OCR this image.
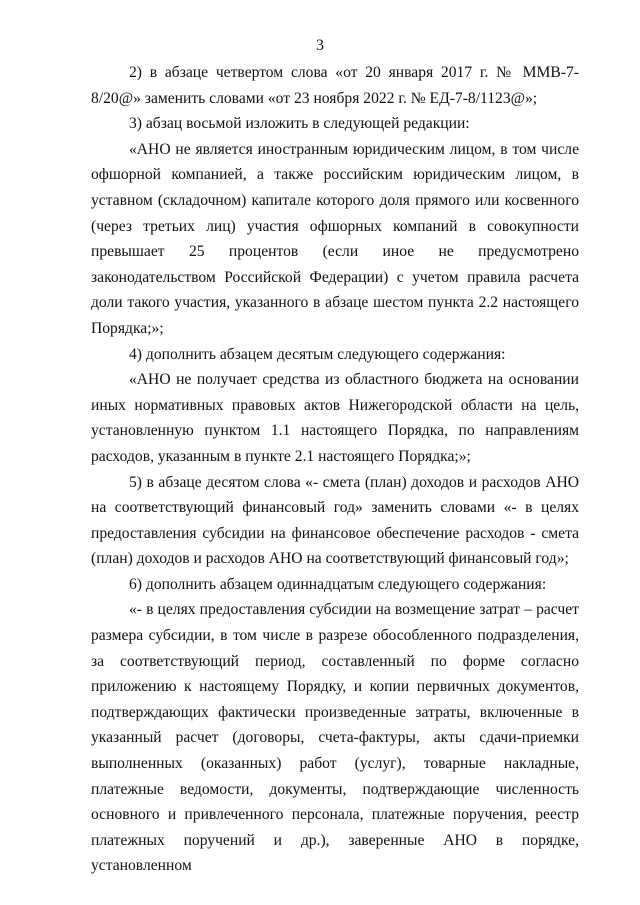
3

2) в абзаце четвертом слова «от 20 января 2017 г. № ММВ-7-8/20@» заменить словами «от 23 ноября 2022 г. № ЕД-7-8/1123@»;

3) абзац восьмой изложить в следующей редакции:

«АНО не является иностранным юридическим лицом, в том числе офшорной компанией, а также российским юридическим лицом, в уставном (складочном) капитале которого доля прямого или косвенного (через третьих лиц) участия офшорных компаний в совокупности превышает 25 процентов (если иное не предусмотрено законодательством Российской Федерации) с учетом правила расчета доли такого участия, указанного в абзаце шестом пункта 2.2 настоящего Порядка;»;

4) дополнить абзацем десятым следующего содержания:

«АНО не получает средства из областного бюджета на основании иных нормативных правовых актов Нижегородской области на цель, установленную пунктом 1.1 настоящего Порядка, по направлениям расходов, указанным в пункте 2.1 настоящего Порядка;»;

5) в абзаце десятом слова «- смета (план) доходов и расходов АНО на соответствующий финансовый год» заменить словами «- в целях предоставления субсидии на финансовое обеспечение расходов - смета (план) доходов и расходов АНО на соответствующий финансовый год»;

6) дополнить абзацем одиннадцатым следующего содержания:

«- в целях предоставления субсидии на возмещение затрат – расчет размера субсидии, в том числе в разрезе обособленного подразделения, за соответствующий период, составленный по форме согласно приложению к настоящему Порядку, и копии первичных документов, подтверждающих фактически произведенные затраты, включенные в указанный расчет (договоры, счета-фактуры, акты сдачи-приемки выполненных (оказанных) работ (услуг), товарные накладные, платежные ведомости, документы, подтверждающие численность основного и привлеченного персонала, платежные поручения, реестр платежных поручений и др.), заверенные АНО в порядке, установленном
